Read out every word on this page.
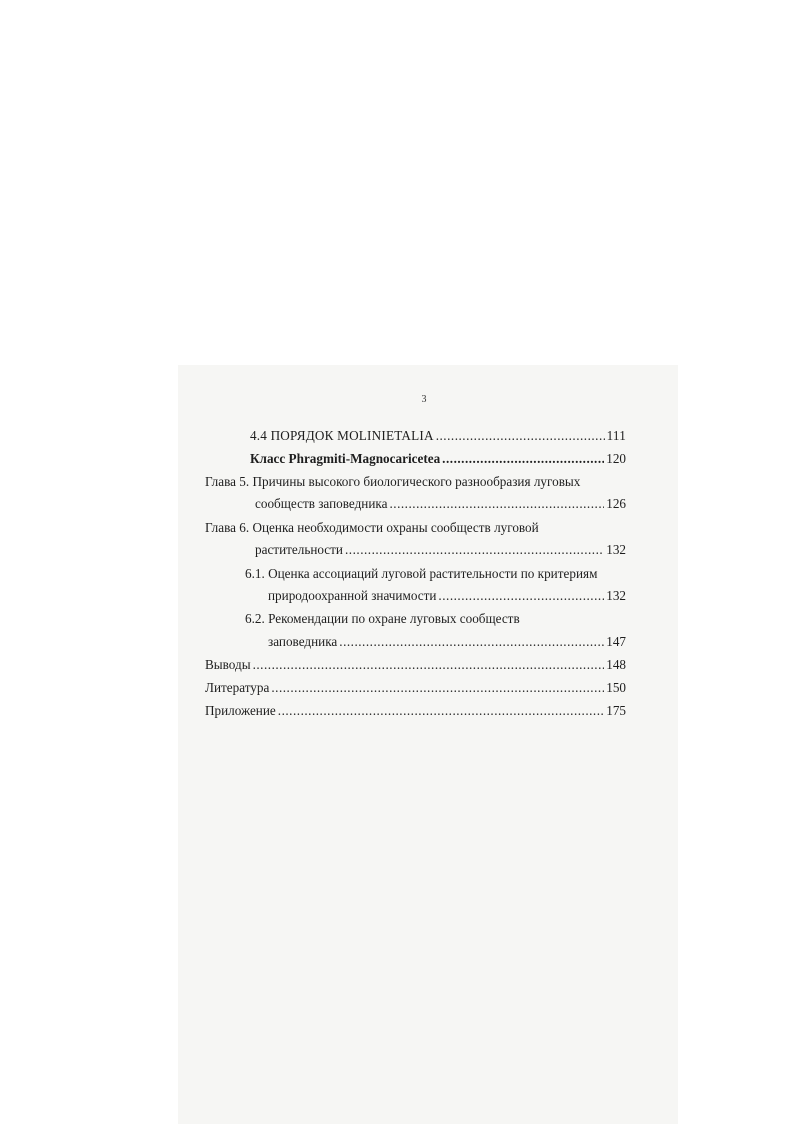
3
4.4 ПОРЯДОК MOLINIETALIA .....	111
Класс Phragmiti-Magnocaricetea .....	120
Глава 5. Причины высокого биологического разнообразия луговых
сообществ заповедника .....	126
Глава 6. Оценка необходимости охраны сообществ луговой
растительности .....	132
6.1. Оценка ассоциаций луговой растительности по критериям
природоохранной значимости .....	132
6.2. Рекомендации по охране луговых сообществ
заповедника .....	147
Выводы .....	148
Литература .....	150
Приложение .....	175
